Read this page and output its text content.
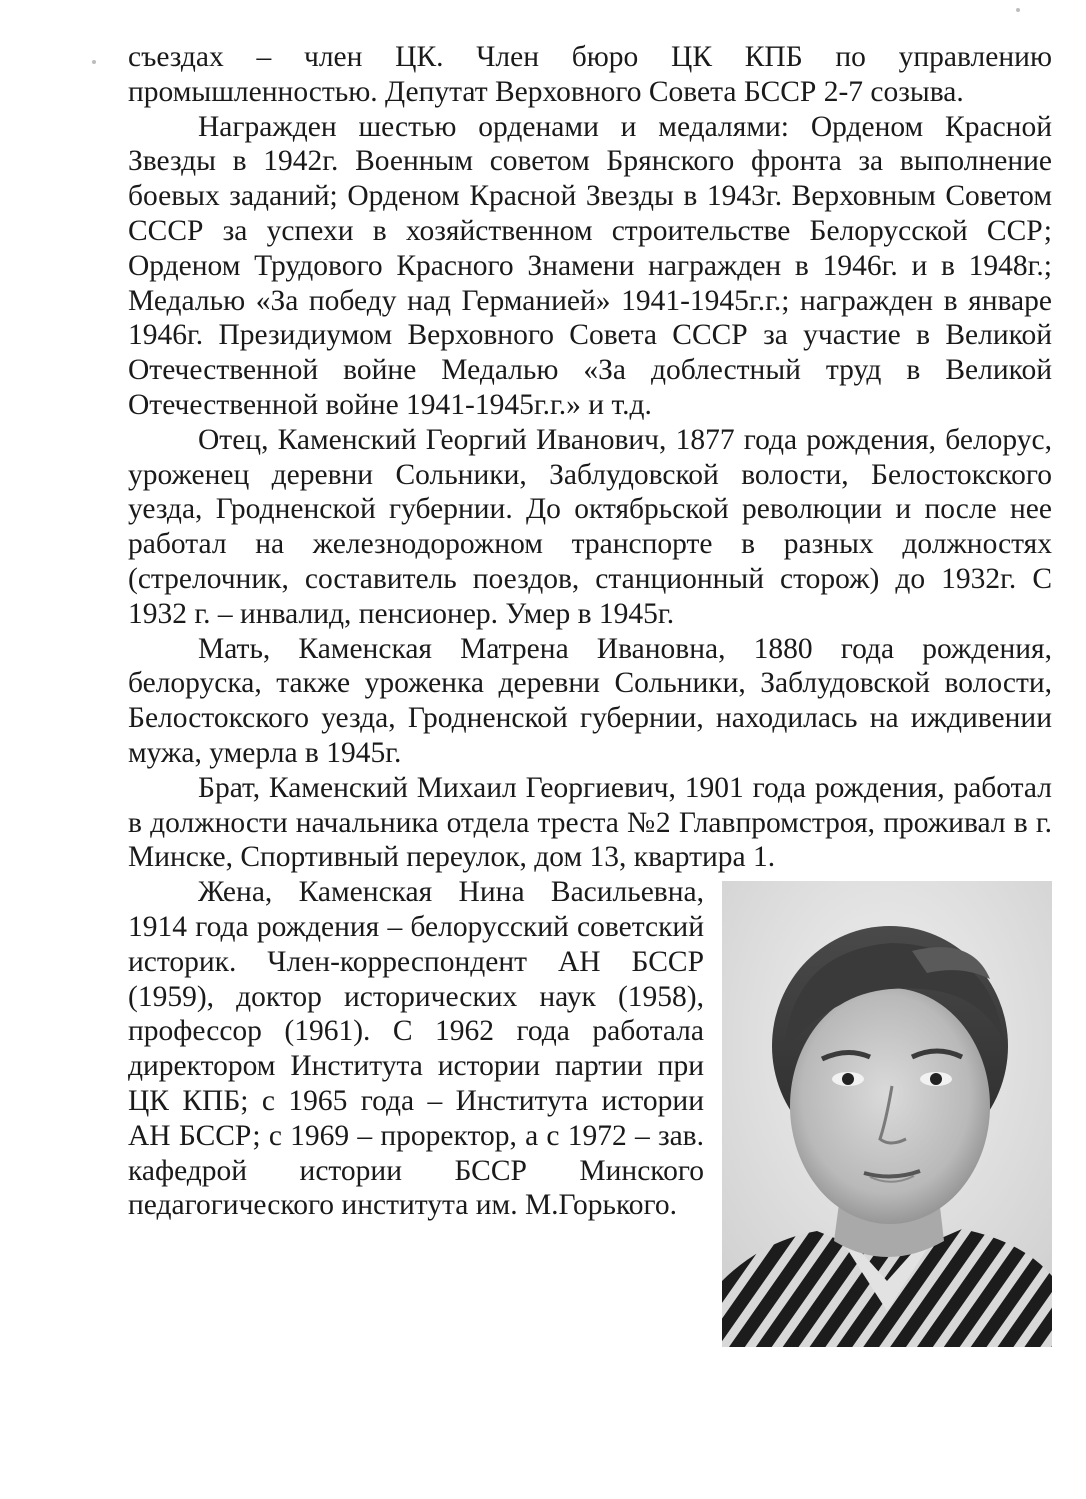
съездах – член ЦК. Член бюро ЦК КПБ по управлению промышленностью. Депутат Верховного Совета БССР 2-7 созыва.

Награжден шестью орденами и медалями: Орденом Красной Звезды в 1942г. Военным советом Брянского фронта за выполнение боевых заданий; Орденом Красной Звезды в 1943г. Верховным Советом СССР за успехи в хозяйственном строительстве Белорусской ССР; Орденом Трудового Красного Знамени награжден в 1946г. и в 1948г.; Медалью «За победу над Германией» 1941-1945г.г.; награжден в январе 1946г. Президиумом Верховного Совета СССР за участие в Великой Отечественной войне Медалью «За доблестный труд в Великой Отечественной войне 1941-1945г.г.» и т.д.

Отец, Каменский Георгий Иванович, 1877 года рождения, белорус, уроженец деревни Сольники, Заблудовской волости, Белостокского уезда, Гродненской губернии. До октябрьской революции и после нее работал на железнодорожном транспорте в разных должностях (стрелочник, составитель поездов, станционный сторож) до 1932г. С 1932 г. – инвалид, пенсионер. Умер в 1945г.

Мать, Каменская Матрена Ивановна, 1880 года рождения, белоруска, также уроженка деревни Сольники, Заблудовской волости, Белостокского уезда, Гродненской губернии, находилась на иждивении мужа, умерла в 1945г.

Брат, Каменский Михаил Георгиевич, 1901 года рождения, работал в должности начальника отдела треста №2 Главпромстроя, проживал в г. Минске, Спортивный переулок, дом 13, квартира 1.

Жена, Каменская Нина Васильевна, 1914 года рождения – белорусский советский историк. Член-корреспондент АН БССР (1959), доктор исторических наук (1958), профессор (1961). С 1962 года работала директором Института истории партии при ЦК КПБ; с 1965 года – Института истории АН БССР; с 1969 – проректор, а с 1972 – зав. кафедрой истории БССР Минского педагогического института им. М.Горького.
